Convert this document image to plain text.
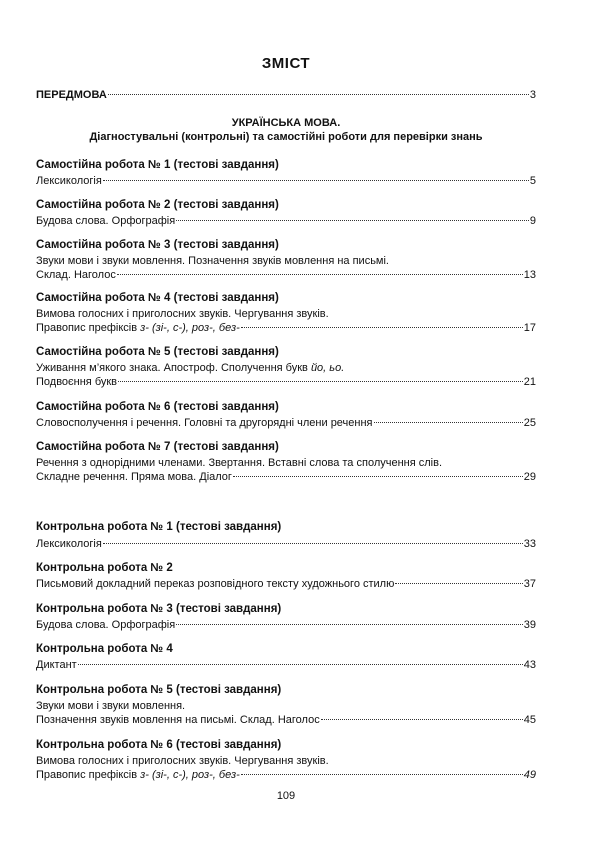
ЗМІСТ
ПЕРЕДМОВА	3
УКРАЇНСЬКА МОВА.
Діагностувальні (контрольні) та самостійні роботи для перевірки знань
Самостійна робота № 1 (тестові завдання)
Лексикологія	5
Самостійна робота № 2 (тестові завдання)
Будова слова. Орфографія	9
Самостійна робота № 3 (тестові завдання)
Звуки мови і звуки мовлення. Позначення звуків мовлення на письмі.
Склад. Наголос	13
Самостійна робота № 4 (тестові завдання)
Вимова голосних і приголосних звуків. Чергування звуків.
Правопис префіксів з- (зі-, с-), роз-, без-	17
Самостійна робота № 5 (тестові завдання)
Уживання м’якого знака. Апостроф. Сполучення букв йо, ьо.
Подвоєння букв	21
Самостійна робота № 6 (тестові завдання)
Словосполучення і речення. Головні та другорядні члени речення	25
Самостійна робота № 7 (тестові завдання)
Речення з однорідними членами. Звертання. Вставні слова та сполучення слів.
Складне речення. Пряма мова. Діалог	29
Контрольна робота № 1 (тестові завдання)
Лексикологія	33
Контрольна робота № 2
Письмовий докладний переказ розповідного тексту художнього стилю	37
Контрольна робота № 3 (тестові завдання)
Будова слова. Орфографія	39
Контрольна робота № 4
Диктант	43
Контрольна робота № 5 (тестові завдання)
Звуки мови і звуки мовлення.
Позначення звуків мовлення на письмі. Склад. Наголос	45
Контрольна робота № 6 (тестові завдання)
Вимова голосних і приголосних звуків. Чергування звуків.
Правопис префіксів з- (зі-, с-), роз-, без-	49
109
